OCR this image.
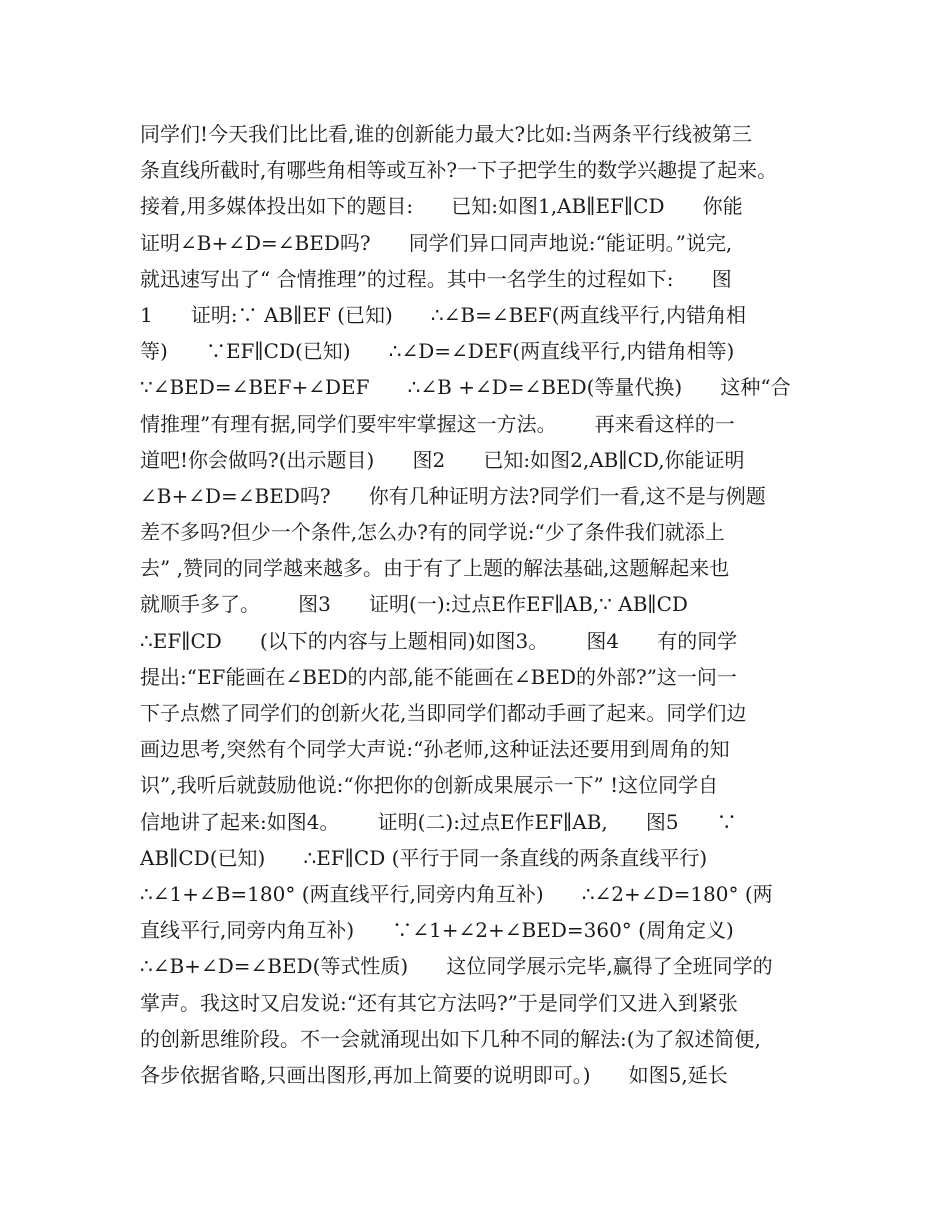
同学们!今天我们比比看,谁的创新能力最大?比如:当两条平行线被第三
条直线所截时,有哪些角相等或互补?一下子把学生的数学兴趣提了起来。
接着,用多媒体投出如下的题目:      已知:如图1,AB∥EF∥CD      你能
证明∠B+∠D=∠BED吗?      同学们异口同声地说:“能证明。”说完,
就迅速写出了“ 合情推理”的过程。其中一名学生的过程如下:      图
1      证明:∵ AB∥EF (已知)      ∴∠B=∠BEF(两直线平行,内错角相
等)      ∵EF∥CD(已知)      ∴∠D=∠DEF(两直线平行,内错角相等)
∵∠BED=∠BEF+∠DEF      ∴∠B +∠D=∠BED(等量代换)      这种“合
情推理”有理有据,同学们要牢牢掌握这一方法。      再来看这样的一
道吧!你会做吗?(出示题目)      图2      已知:如图2,AB∥CD,你能证明
∠B+∠D=∠BED吗?      你有几种证明方法?同学们一看,这不是与例题
差不多吗?但少一个条件,怎么办?有的同学说:“少了条件我们就添上
去” ,赞同的同学越来越多。由于有了上题的解法基础,这题解起来也
就顺手多了。      图3      证明(一):过点E作EF∥AB,∵ AB∥CD
∴EF∥CD      (以下的内容与上题相同)如图3。      图4      有的同学
提出:“EF能画在∠BED的内部,能不能画在∠BED的外部?”这一问一
下子点燃了同学们的创新火花,当即同学们都动手画了起来。同学们边
画边思考,突然有个同学大声说:“孙老师,这种证法还要用到周角的知
识”,我听后就鼓励他说:“你把你的创新成果展示一下” !这位同学自
信地讲了起来:如图4。      证明(二):过点E作EF∥AB,      图5      ∵
AB∥CD(已知)      ∴EF∥CD (平行于同一条直线的两条直线平行)
∴∠1+∠B=180° (两直线平行,同旁内角互补)      ∴∠2+∠D=180° (两
直线平行,同旁内角互补)      ∵∠1+∠2+∠BED=360° (周角定义)
∴∠B+∠D=∠BED(等式性质)      这位同学展示完毕,赢得了全班同学的
掌声。我这时又启发说:“还有其它方法吗?”于是同学们又进入到紧张
的创新思维阶段。不一会就涌现出如下几种不同的解法:(为了叙述简便,
各步依据省略,只画出图形,再加上简要的说明即可。)      如图5,延长
